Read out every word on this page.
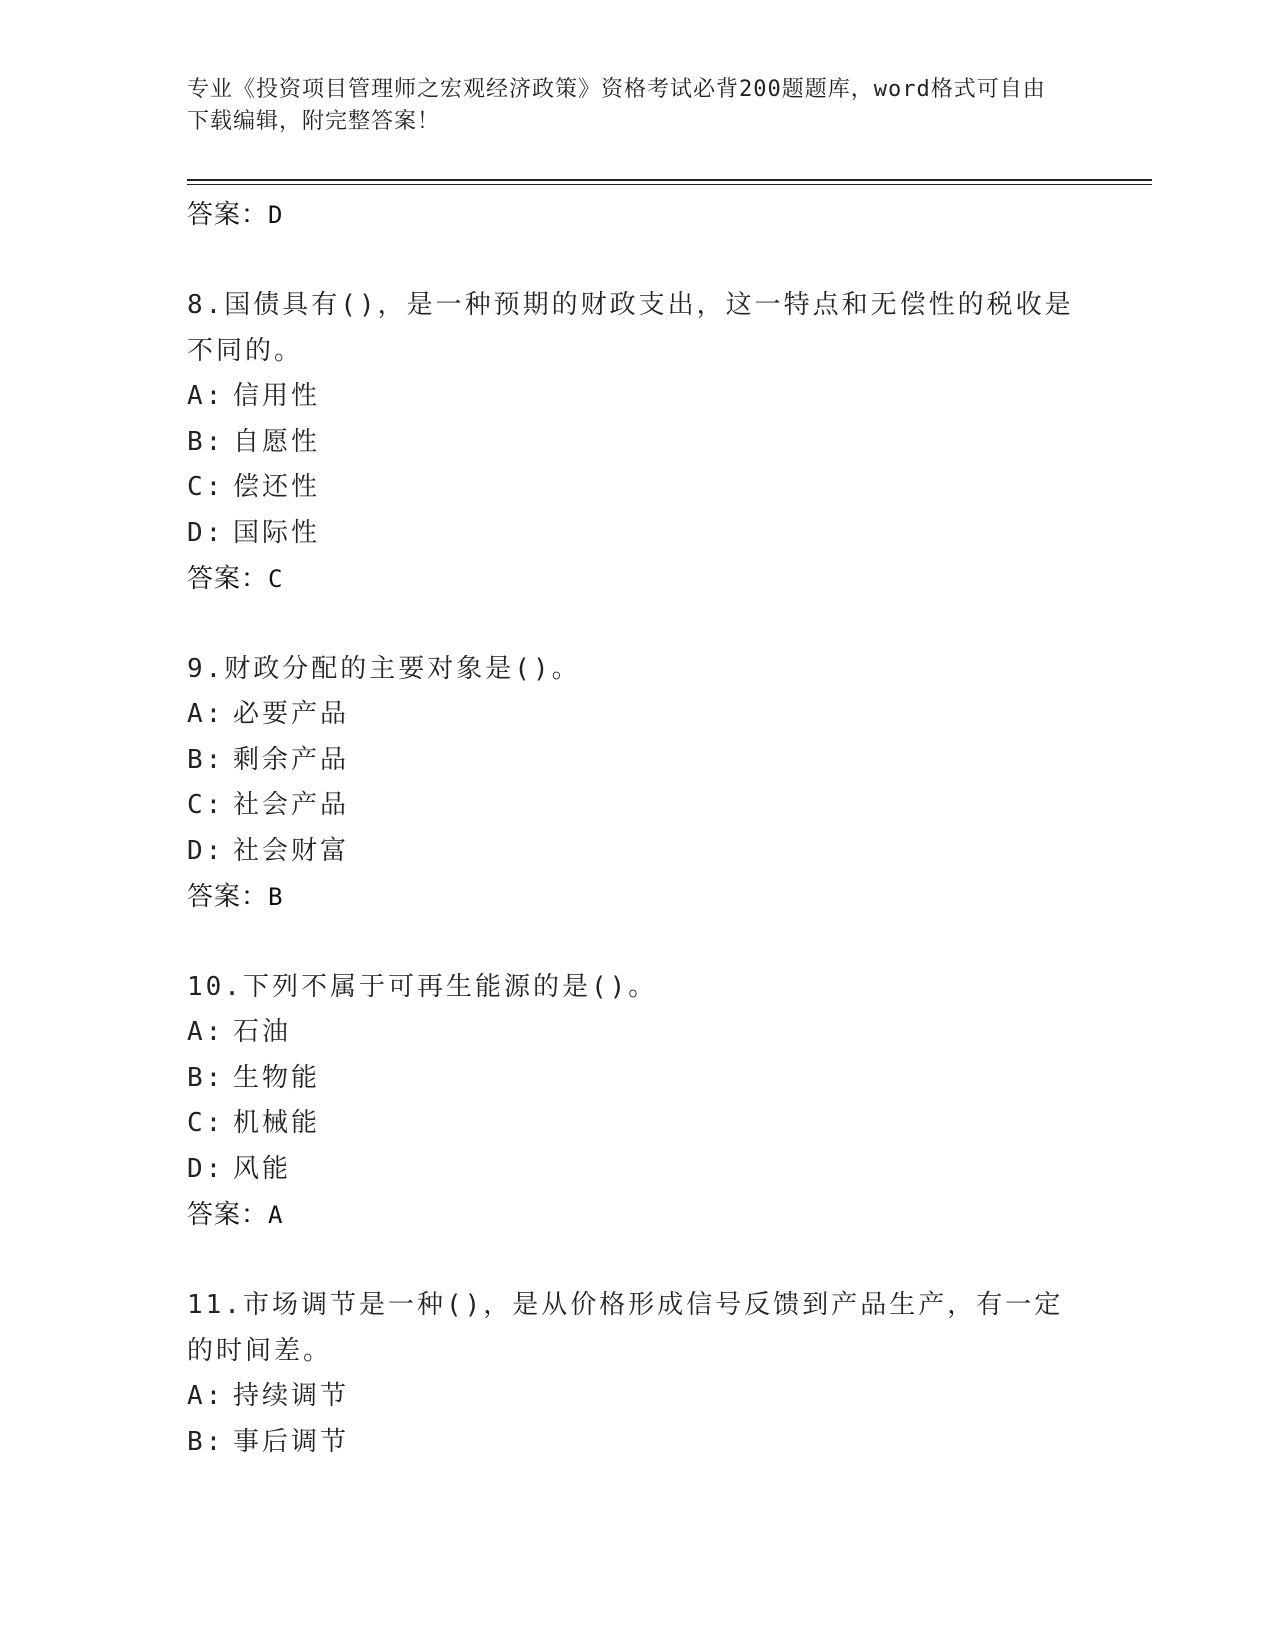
专业《投资项目管理师之宏观经济政策》资格考试必背200题题库，word格式可自由下载编辑，附完整答案！
答案：D
8.国债具有()，是一种预期的财政支出，这一特点和无偿性的税收是不同的。
A: 信用性
B: 自愿性
C: 偿还性
D: 国际性
答案：C
9.财政分配的主要对象是()。
A: 必要产品
B: 剩余产品
C: 社会产品
D: 社会财富
答案：B
10.下列不属于可再生能源的是()。
A: 石油
B: 生物能
C: 机械能
D: 风能
答案：A
11.市场调节是一种()，是从价格形成信号反馈到产品生产，有一定的时间差。
A: 持续调节
B: 事后调节
